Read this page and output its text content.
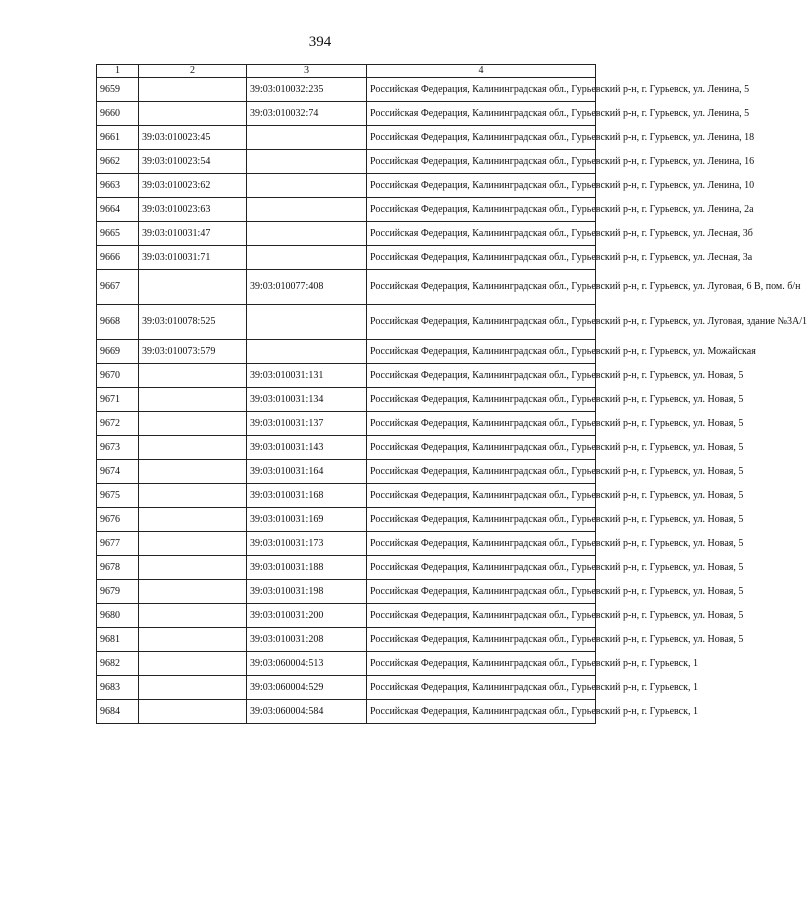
394
1	2	3	4
9659		39:03:010032:235	Российская Федерация, Калининградская обл., Гурьевский р-н, г. Гурьевск, ул. Ленина, 5
9660		39:03:010032:74	Российская Федерация, Калининградская обл., Гурьевский р-н, г. Гурьевск, ул. Ленина, 5
9661	39:03:010023:45		Российская Федерация, Калининградская обл., Гурьевский р-н, г. Гурьевск, ул. Ленина, 18
9662	39:03:010023:54		Российская Федерация, Калининградская обл., Гурьевский р-н, г. Гурьевск, ул. Ленина, 16
9663	39:03:010023:62		Российская Федерация, Калининградская обл., Гурьевский р-н, г. Гурьевск, ул. Ленина, 10
9664	39:03:010023:63		Российская Федерация, Калининградская обл., Гурьевский р-н, г. Гурьевск, ул. Ленина, 2а
9665	39:03:010031:47		Российская Федерация, Калининградская обл., Гурьевский р-н, г. Гурьевск, ул. Лесная, 3б
9666	39:03:010031:71		Российская Федерация, Калининградская обл., Гурьевский р-н, г. Гурьевск, ул. Лесная, 3а
9667		39:03:010077:408	Российская Федерация, Калининградская обл., Гурьевский р-н, г. Гурьевск, ул. Луговая, 6 В, пом. б/н
9668	39:03:010078:525		Российская Федерация, Калининградская обл., Гурьевский р-н, г. Гурьевск, ул. Луговая, здание №3А/1
9669	39:03:010073:579		Российская Федерация, Калининградская обл., Гурьевский р-н, г. Гурьевск, ул. Можайская
9670		39:03:010031:131	Российская Федерация, Калининградская обл., Гурьевский р-н, г. Гурьевск, ул. Новая, 5
9671		39:03:010031:134	Российская Федерация, Калининградская обл., Гурьевский р-н, г. Гурьевск, ул. Новая, 5
9672		39:03:010031:137	Российская Федерация, Калининградская обл., Гурьевский р-н, г. Гурьевск, ул. Новая, 5
9673		39:03:010031:143	Российская Федерация, Калининградская обл., Гурьевский р-н, г. Гурьевск, ул. Новая, 5
9674		39:03:010031:164	Российская Федерация, Калининградская обл., Гурьевский р-н, г. Гурьевск, ул. Новая, 5
9675		39:03:010031:168	Российская Федерация, Калининградская обл., Гурьевский р-н, г. Гурьевск, ул. Новая, 5
9676		39:03:010031:169	Российская Федерация, Калининградская обл., Гурьевский р-н, г. Гурьевск, ул. Новая, 5
9677		39:03:010031:173	Российская Федерация, Калининградская обл., Гурьевский р-н, г. Гурьевск, ул. Новая, 5
9678		39:03:010031:188	Российская Федерация, Калининградская обл., Гурьевский р-н, г. Гурьевск, ул. Новая, 5
9679		39:03:010031:198	Российская Федерация, Калининградская обл., Гурьевский р-н, г. Гурьевск, ул. Новая, 5
9680		39:03:010031:200	Российская Федерация, Калининградская обл., Гурьевский р-н, г. Гурьевск, ул. Новая, 5
9681		39:03:010031:208	Российская Федерация, Калининградская обл., Гурьевский р-н, г. Гурьевск, ул. Новая, 5
9682		39:03:060004:513	Российская Федерация, Калининградская обл., Гурьевский р-н, г. Гурьевск, 1
9683		39:03:060004:529	Российская Федерация, Калининградская обл., Гурьевский р-н, г. Гурьевск, 1
9684		39:03:060004:584	Российская Федерация, Калининградская обл., Гурьевский р-н, г. Гурьевск, 1
